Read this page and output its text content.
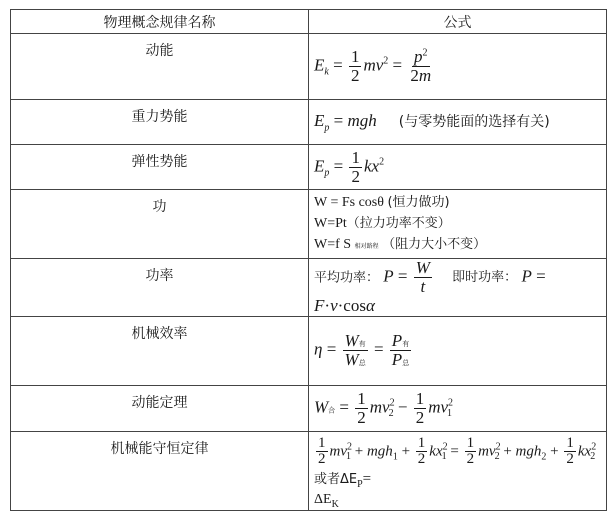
物理概念规律名称	公式
动能	$E_k = \frac{1}{2} mv^2 = \frac{p^2}{2m}$

重力势能	$E_p$ = mgh (与零势能面的选择有关)
弹性势能	$E_p = \frac{1}{2} kx^2$
功	W = Fs cosθ (恒力做功)
W=Pt（拉力功率不变）
W=f S 相对路程 （阻力大小不变）

功率	平均功率： $P = \frac{W}{t}$ 即时功率： P = F·v·cosα
机械效率	$\eta = \frac{\text{W有}}{\text{W总}} = \frac{\text{P有}}{\text{P总}}$

动能定理	W合 = $\frac{1}{2} mv^2_2 - \frac{1}{2} mv^2_1$
机械能守恒定律	$\frac{1}{2} mv^2_1 + mgh_1 + \frac{1}{2} kx^2_1 = \frac{1}{2} mv^2_2 + mgh_2 + \frac{1}{2} kx^2_2$或者$\Delta E_P=$
$\Delta E_K$
